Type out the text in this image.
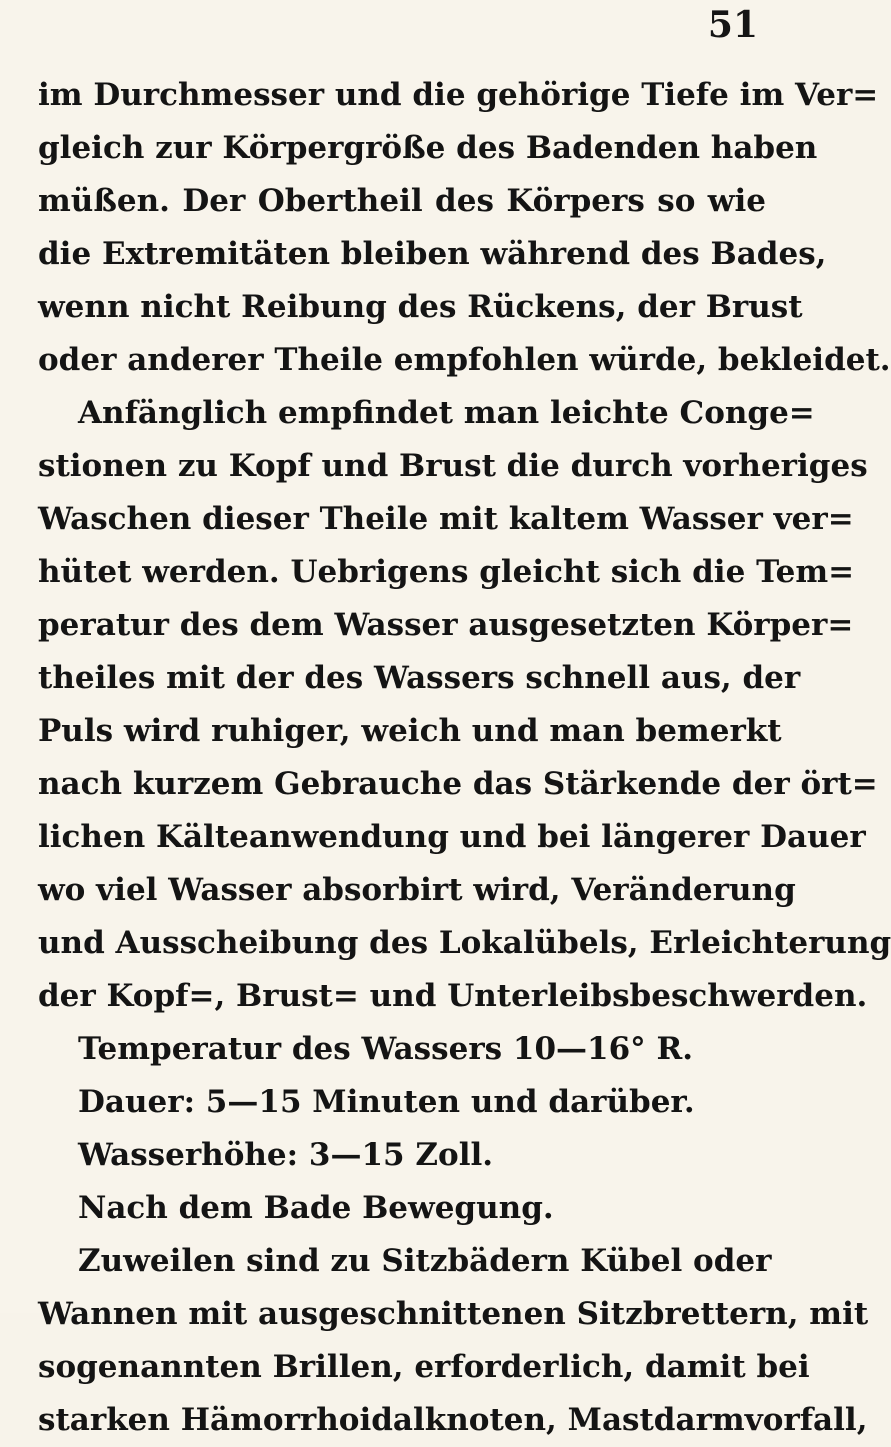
51
im Durchmesser und die gehörige Tiefe im Ver=
gleich zur Körpergröße des Badenden haben
müßen. Der Obertheil des Körpers so wie
die Extremitäten bleiben während des Bades,
wenn nicht Reibung des Rückens, der Brust
oder anderer Theile empfohlen würde, bekleidet.
Anfänglich empfindet man leichte Conge=
stionen zu Kopf und Brust die durch vorheriges
Waschen dieser Theile mit kaltem Wasser ver=
hütet werden. Uebrigens gleicht sich die Tem=
peratur des dem Wasser ausgesetzten Körper=
theiles mit der des Wassers schnell aus, der
Puls wird ruhiger, weich und man bemerkt
nach kurzem Gebrauche das Stärkende der ört=
lichen Kälteanwendung und bei längerer Dauer
wo viel Wasser absorbirt wird, Veränderung
und Ausscheibung des Lokalübels, Erleichterung
der Kopf=, Brust= und Unterleibsbeschwerden.
Temperatur des Wassers 10—16° R.
Dauer: 5—15 Minuten und darüber.
Wasserhöhe: 3—15 Zoll.
Nach dem Bade Bewegung.
Zuweilen sind zu Sitzbädern Kübel oder
Wannen mit ausgeschnittenen Sitzbrettern, mit
sogenannten Brillen, erforderlich, damit bei
starken Hämorrhoidalknoten, Mastdarmvorfall,
